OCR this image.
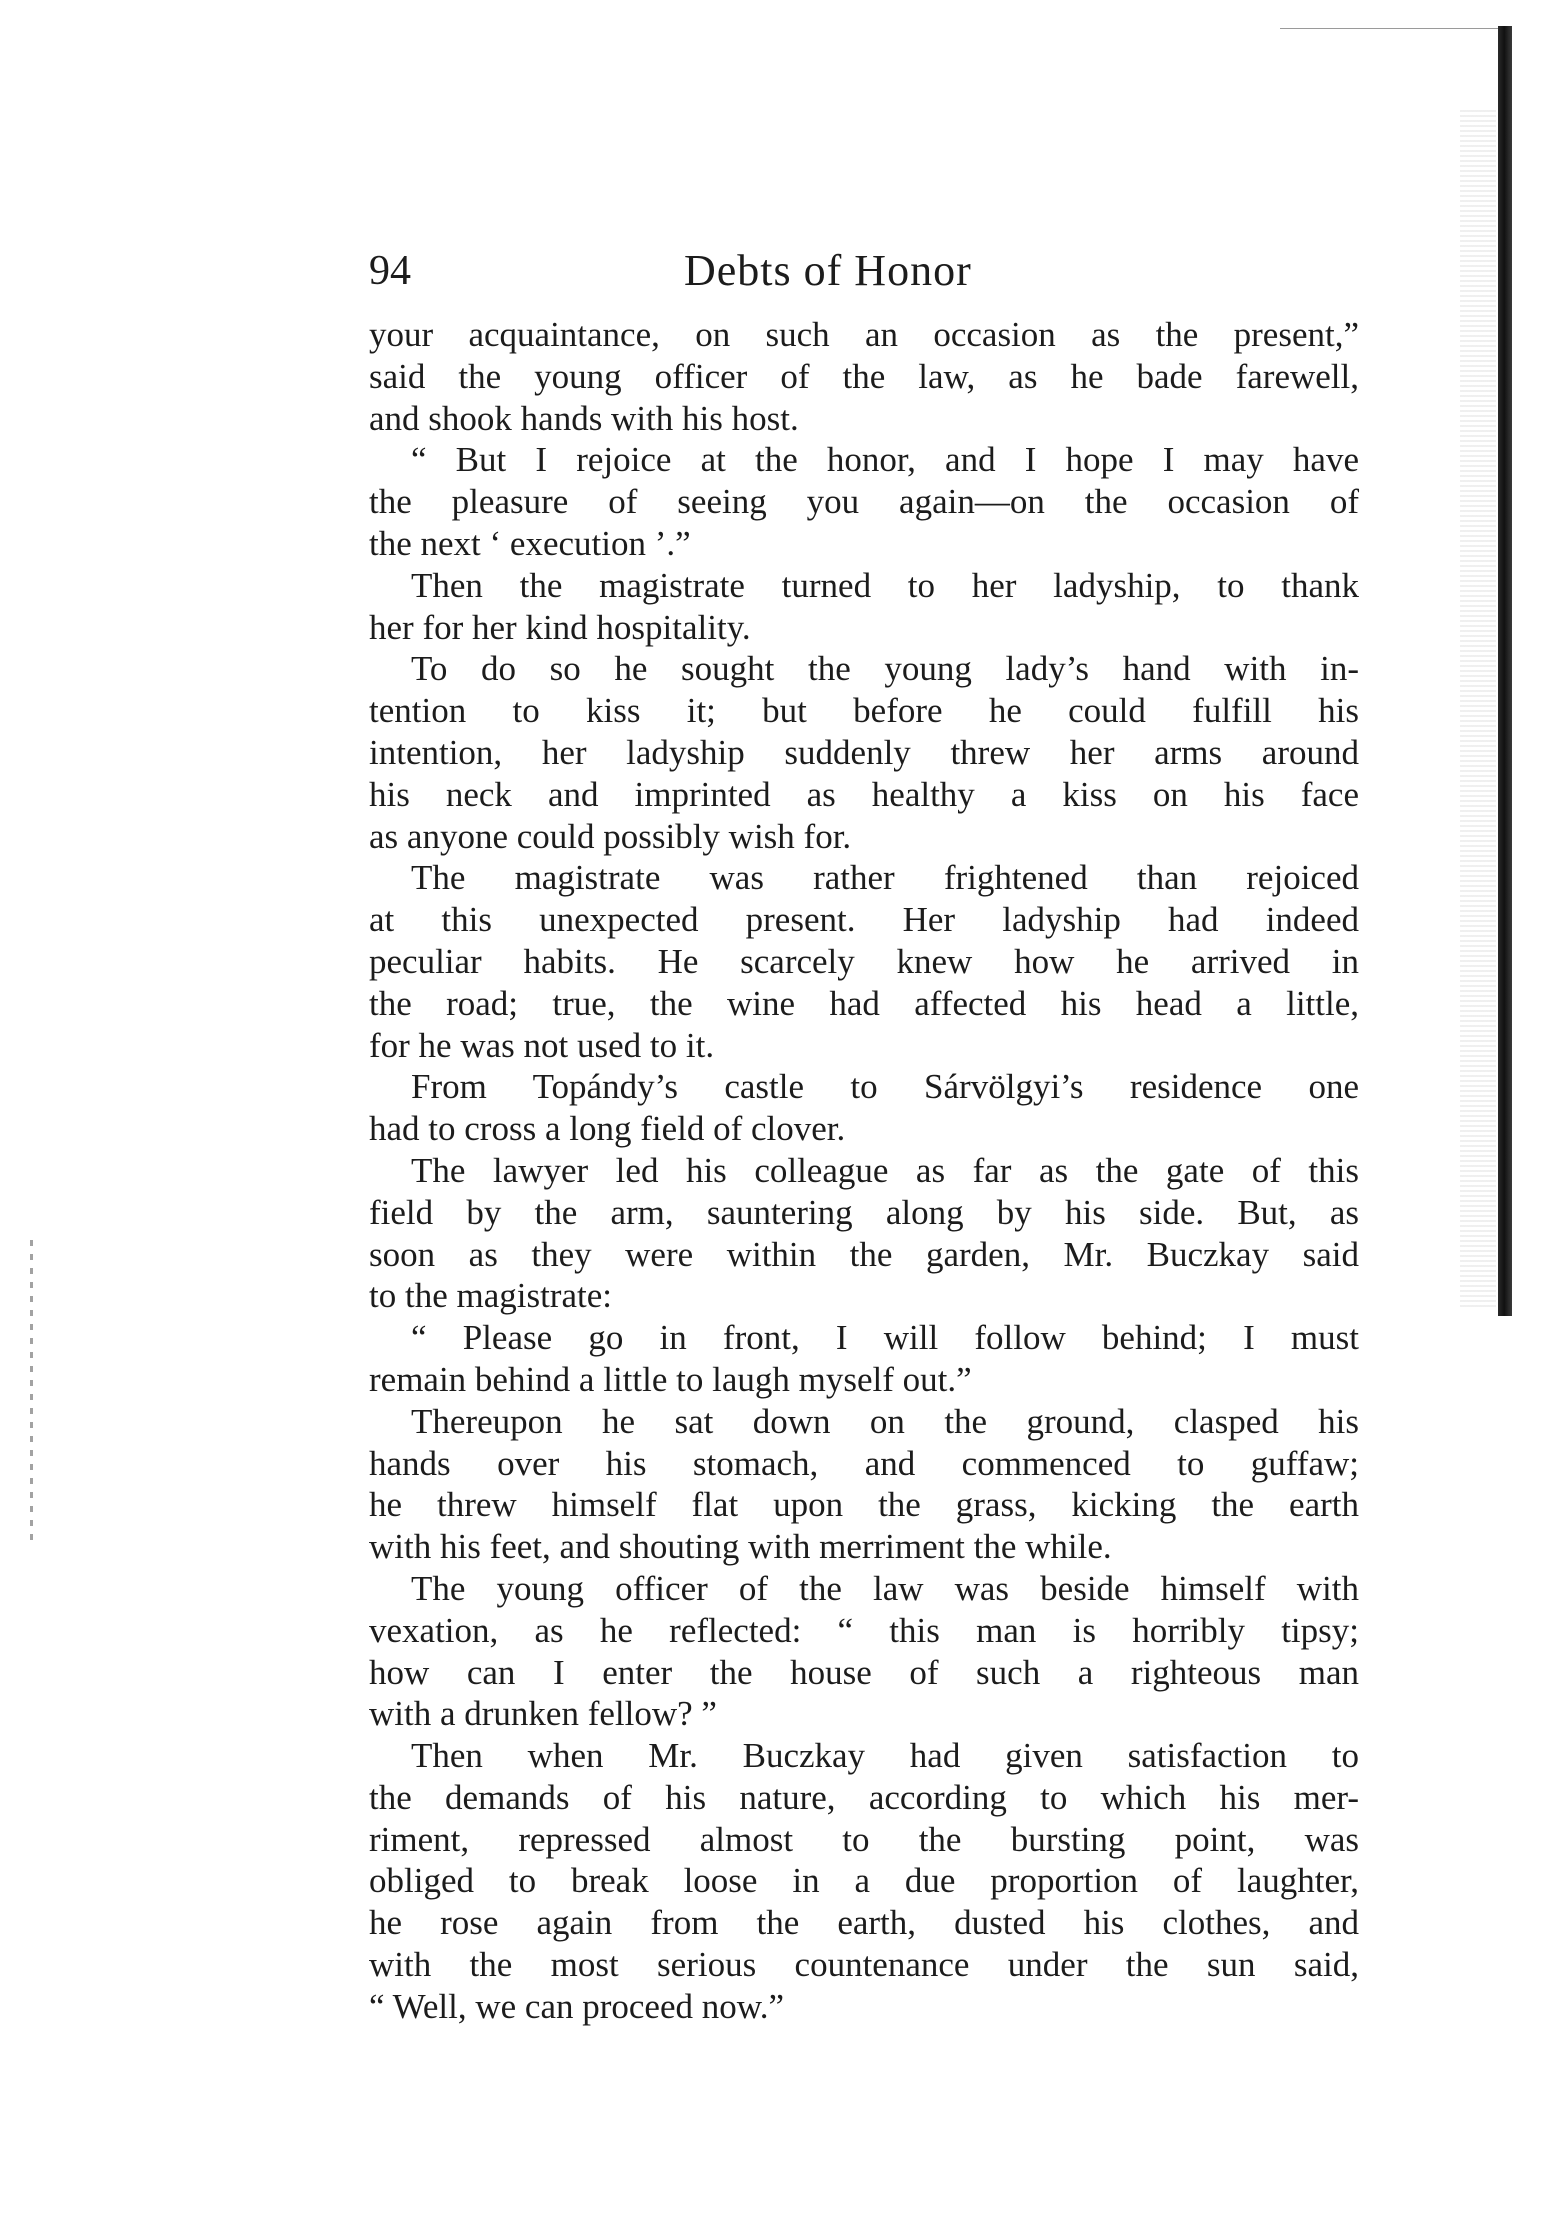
94	Debts of Honor
your acquaintance, on such an occasion as the present,”
said the young officer of the law, as he bade farewell,
and shook hands with his host.
“ But I rejoice at the honor, and I hope I may have
the pleasure of seeing you again—on the occasion of
the next ‘ execution ’.”
Then the magistrate turned to her ladyship, to thank
her for her kind hospitality.
To do so he sought the young lady’s hand with in-
tention to kiss it; but before he could fulfill his
intention, her ladyship suddenly threw her arms around
his neck and imprinted as healthy a kiss on his face
as anyone could possibly wish for.
The magistrate was rather frightened than rejoiced
at this unexpected present. Her ladyship had indeed
peculiar habits. He scarcely knew how he arrived in
the road; true, the wine had affected his head a little,
for he was not used to it.
From Topándy’s castle to Sárvölgyi’s residence one
had to cross a long field of clover.
The lawyer led his colleague as far as the gate of this
field by the arm, sauntering along by his side. But, as
soon as they were within the garden, Mr. Buczkay said
to the magistrate:
“ Please go in front, I will follow behind; I must
remain behind a little to laugh myself out.”
Thereupon he sat down on the ground, clasped his
hands over his stomach, and commenced to guffaw;
he threw himself flat upon the grass, kicking the earth
with his feet, and shouting with merriment the while.
The young officer of the law was beside himself with
vexation, as he reflected: “ this man is horribly tipsy;
how can I enter the house of such a righteous man
with a drunken fellow? ”
Then when Mr. Buczkay had given satisfaction to
the demands of his nature, according to which his mer-
riment, repressed almost to the bursting point, was
obliged to break loose in a due proportion of laughter,
he rose again from the earth, dusted his clothes, and
with the most serious countenance under the sun said,
“ Well, we can proceed now.”
